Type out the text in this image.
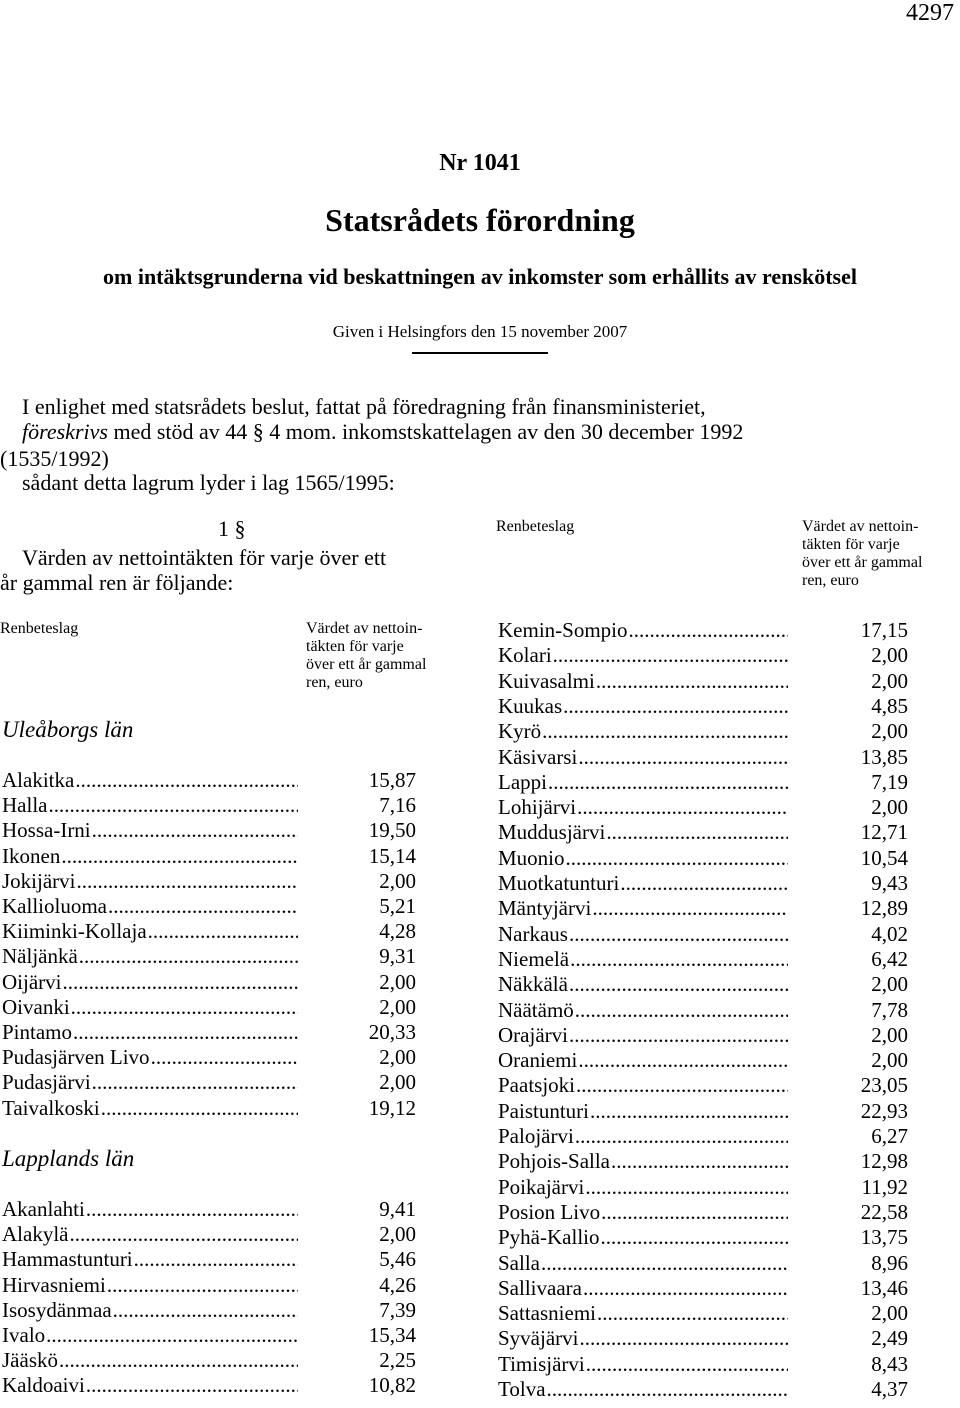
4297
Nr 1041
Statsrådets förordning
om intäktsgrunderna vid beskattningen av inkomster som erhållits av renskötsel
Given i Helsingfors den 15 november 2007
I enlighet med statsrådets beslut, fattat på föredragning från finansministeriet,
föreskrivs med stöd av 44 § 4 mom. inkomstskattelagen av den 30 december 1992
(1535/1992)
sådant detta lagrum lyder i lag 1565/1995:
1 §
Värden av nettointäkten för varje över ett
år gammal ren är följande:
Renbeteslag	Värdet av nettoin-
täkten för varje
över ett år gammal
ren, euro
Renbeteslag	Värdet av nettoin-
täkten för varje
över ett år gammal
ren, euro
Uleåborgs län
Alakitka .....	15,87
Halla .....	7,16
Hossa-Irni .....	19,50
Ikonen .....	15,14
Jokijärvi .....	2,00
Kallioluoma .....	5,21
Kiiminki-Kollaja .....	4,28
Näljänkä .....	9,31
Oijärvi .....	2,00
Oivanki .....	2,00
Pintamo .....	20,33
Pudasjärven Livo .....	2,00
Pudasjärvi .....	2,00
Taivalkoski .....	19,12
Lapplands län
Akanlahti .....	9,41
Alakylä .....	2,00
Hammastunturi .....	5,46
Hirvasniemi .....	4,26
Isosydänmaa .....	7,39
Ivalo .....	15,34
Jääskö .....	2,25
Kaldoaivi .....	10,82
Kemin-Sompio .....	17,15
Kolari .....	2,00
Kuivasalmi .....	2,00
Kuukas .....	4,85
Kyrö .....	2,00
Käsivarsi .....	13,85
Lappi .....	7,19
Lohijärvi .....	2,00
Muddusjärvi .....	12,71
Muonio .....	10,54
Muotkatunturi .....	9,43
Mäntyjärvi .....	12,89
Narkaus .....	4,02
Niemelä .....	6,42
Näkkälä .....	2,00
Näätämö .....	7,78
Orajärvi .....	2,00
Oraniemi .....	2,00
Paatsjoki .....	23,05
Paistunturi .....	22,93
Palojärvi .....	6,27
Pohjois-Salla .....	12,98
Poikajärvi .....	11,92
Posion Livo .....	22,58
Pyhä-Kallio .....	13,75
Salla .....	8,96
Sallivaara .....	13,46
Sattasniemi .....	2,00
Syväjärvi .....	2,49
Timisjärvi .....	8,43
Tolva .....	4,37
